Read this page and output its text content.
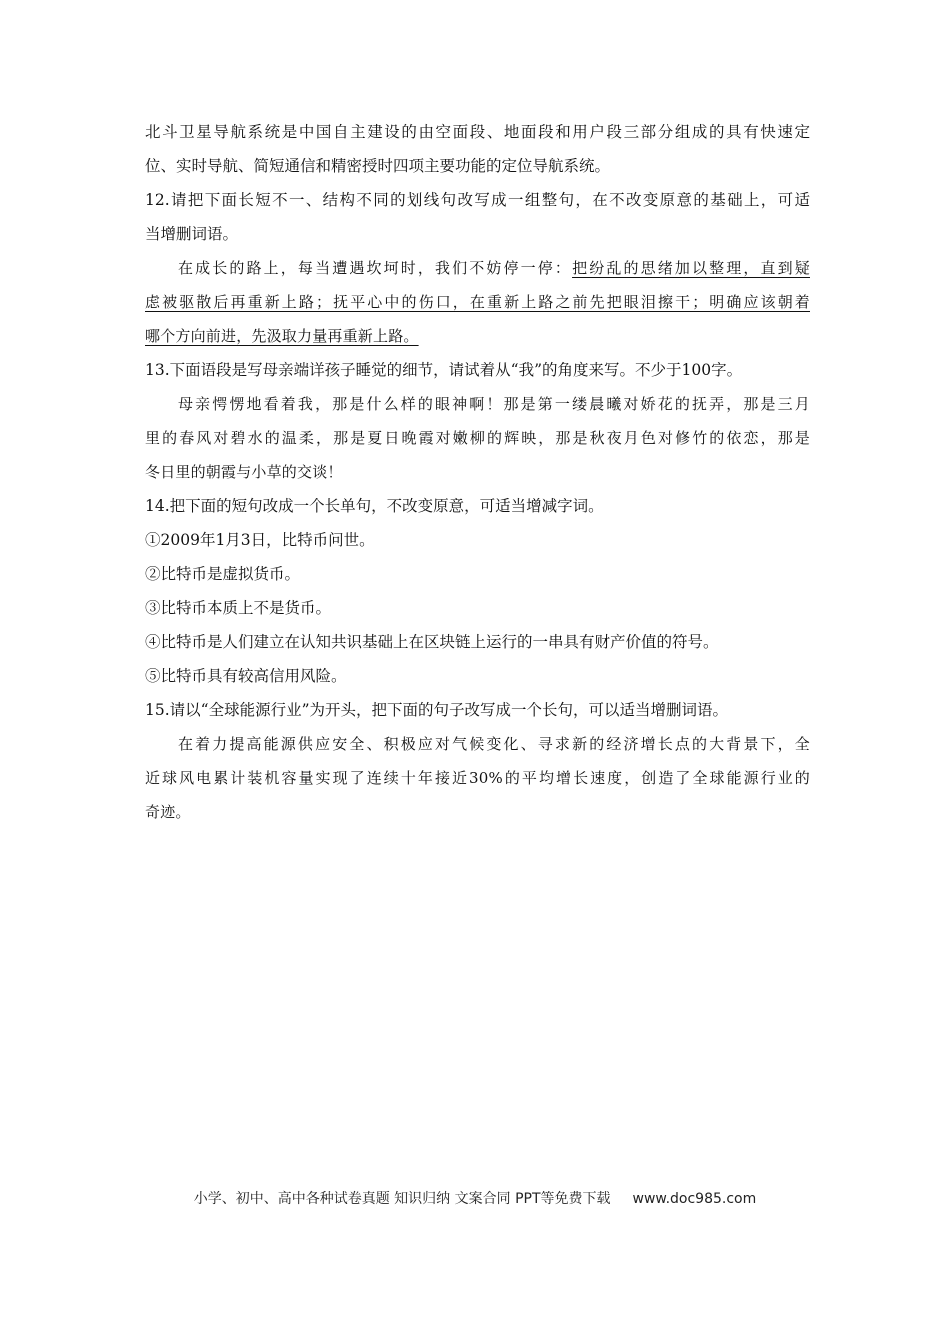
北斗卫星导航系统是中国自主建设的由空面段、地面段和用户段三部分组成的具有快速定
位、实时导航、简短通信和精密授时四项主要功能的定位导航系统。
12.请把下面长短不一、结构不同的划线句改写成一组整句，在不改变原意的基础上，可适
当增删词语。
在成长的路上，每当遭遇坎坷时，我们不妨停一停：把纷乱的思绪加以整理，直到疑
虑被驱散后再重新上路；抚平心中的伤口，在重新上路之前先把眼泪擦干；明确应该朝着
哪个方向前进，先汲取力量再重新上路。
13.下面语段是写母亲端详孩子睡觉的细节，请试着从“我”的角度来写。不少于100字。
母亲愕愣地看着我，那是什么样的眼神啊！那是第一缕晨曦对娇花的抚弄，那是三月
里的春风对碧水的温柔，那是夏日晚霞对嫩柳的辉映，那是秋夜月色对修竹的依恋，那是
冬日里的朝霞与小草的交谈！
14.把下面的短句改成一个长单句，不改变原意，可适当增减字词。
①2009年1月3日，比特币问世。
②比特币是虚拟货币。
③比特币本质上不是货币。
④比特币是人们建立在认知共识基础上在区块链上运行的一串具有财产价值的符号。
⑤比特币具有较高信用风险。
15.请以“全球能源行业”为开头，把下面的句子改写成一个长句，可以适当增删词语。
在着力提高能源供应安全、积极应对气候变化、寻求新的经济增长点的大背景下，全
近球风电累计装机容量实现了连续十年接近30%的平均增长速度，创造了全球能源行业的
奇迹。
小学、初中、高中各种试卷真题 知识归纳 文案合同 PPT等免费下载 www.doc985.com
